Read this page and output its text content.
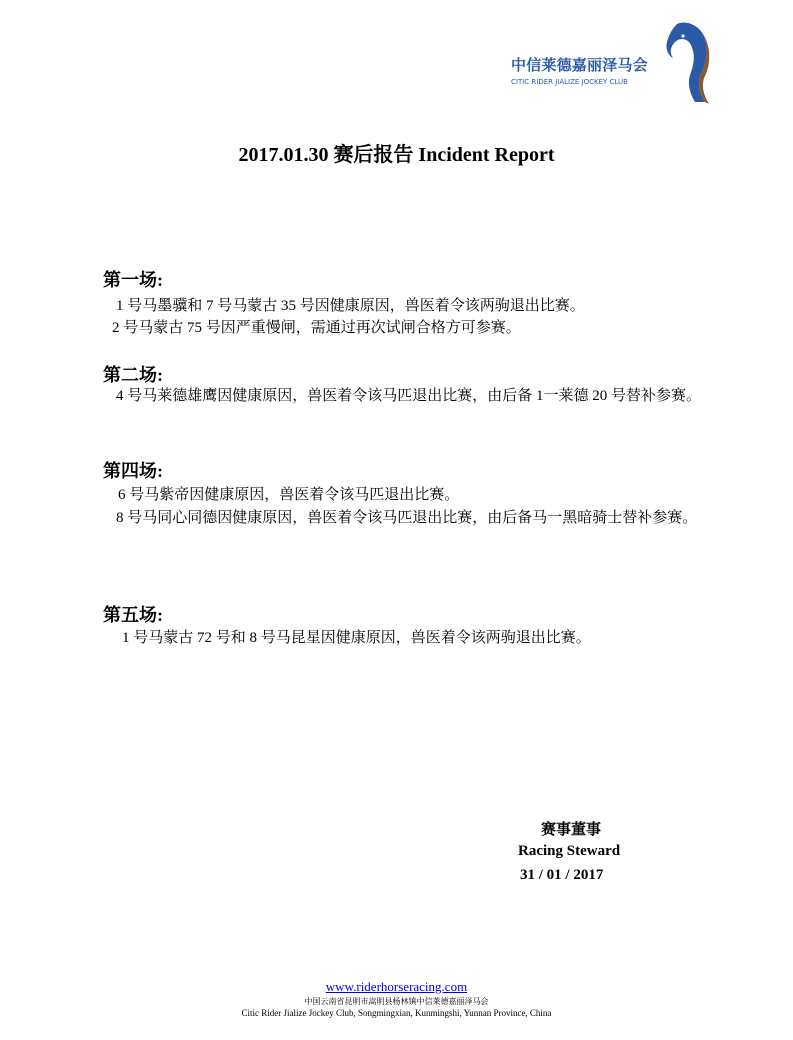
中信莱德嘉丽泽马会
CITIC RIDER JIALIZE JOCKEY CLUB
2017.01.30 赛后报告 Incident Report
第一场:
1 号马墨骥和 7 号马蒙古 35 号因健康原因，兽医着令该两驹退出比赛。
2 号马蒙古 75 号因严重慢闸，需通过再次试闸合格方可参赛。
第二场:
4 号马莱德雄鹰因健康原因，兽医着令该马匹退出比赛，由后备 1一莱德 20 号替补参赛。
第四场:
6 号马紫帝因健康原因，兽医着令该马匹退出比赛。
8 号马同心同德因健康原因，兽医着令该马匹退出比赛，由后备马一黑暗骑士替补参赛。
第五场:
1 号马蒙古 72 号和 8 号马昆星因健康原因，兽医着令该两驹退出比赛。
赛事董事
Racing Steward
31 / 01 / 2017
www.riderhorseracing.com
中国云南省昆明市嵩明县杨林镇中信莱德嘉丽泽马会
Citic Rider Jialize Jockey Club, Songmingxian, Kunmingshi, Yunnan Province, China
